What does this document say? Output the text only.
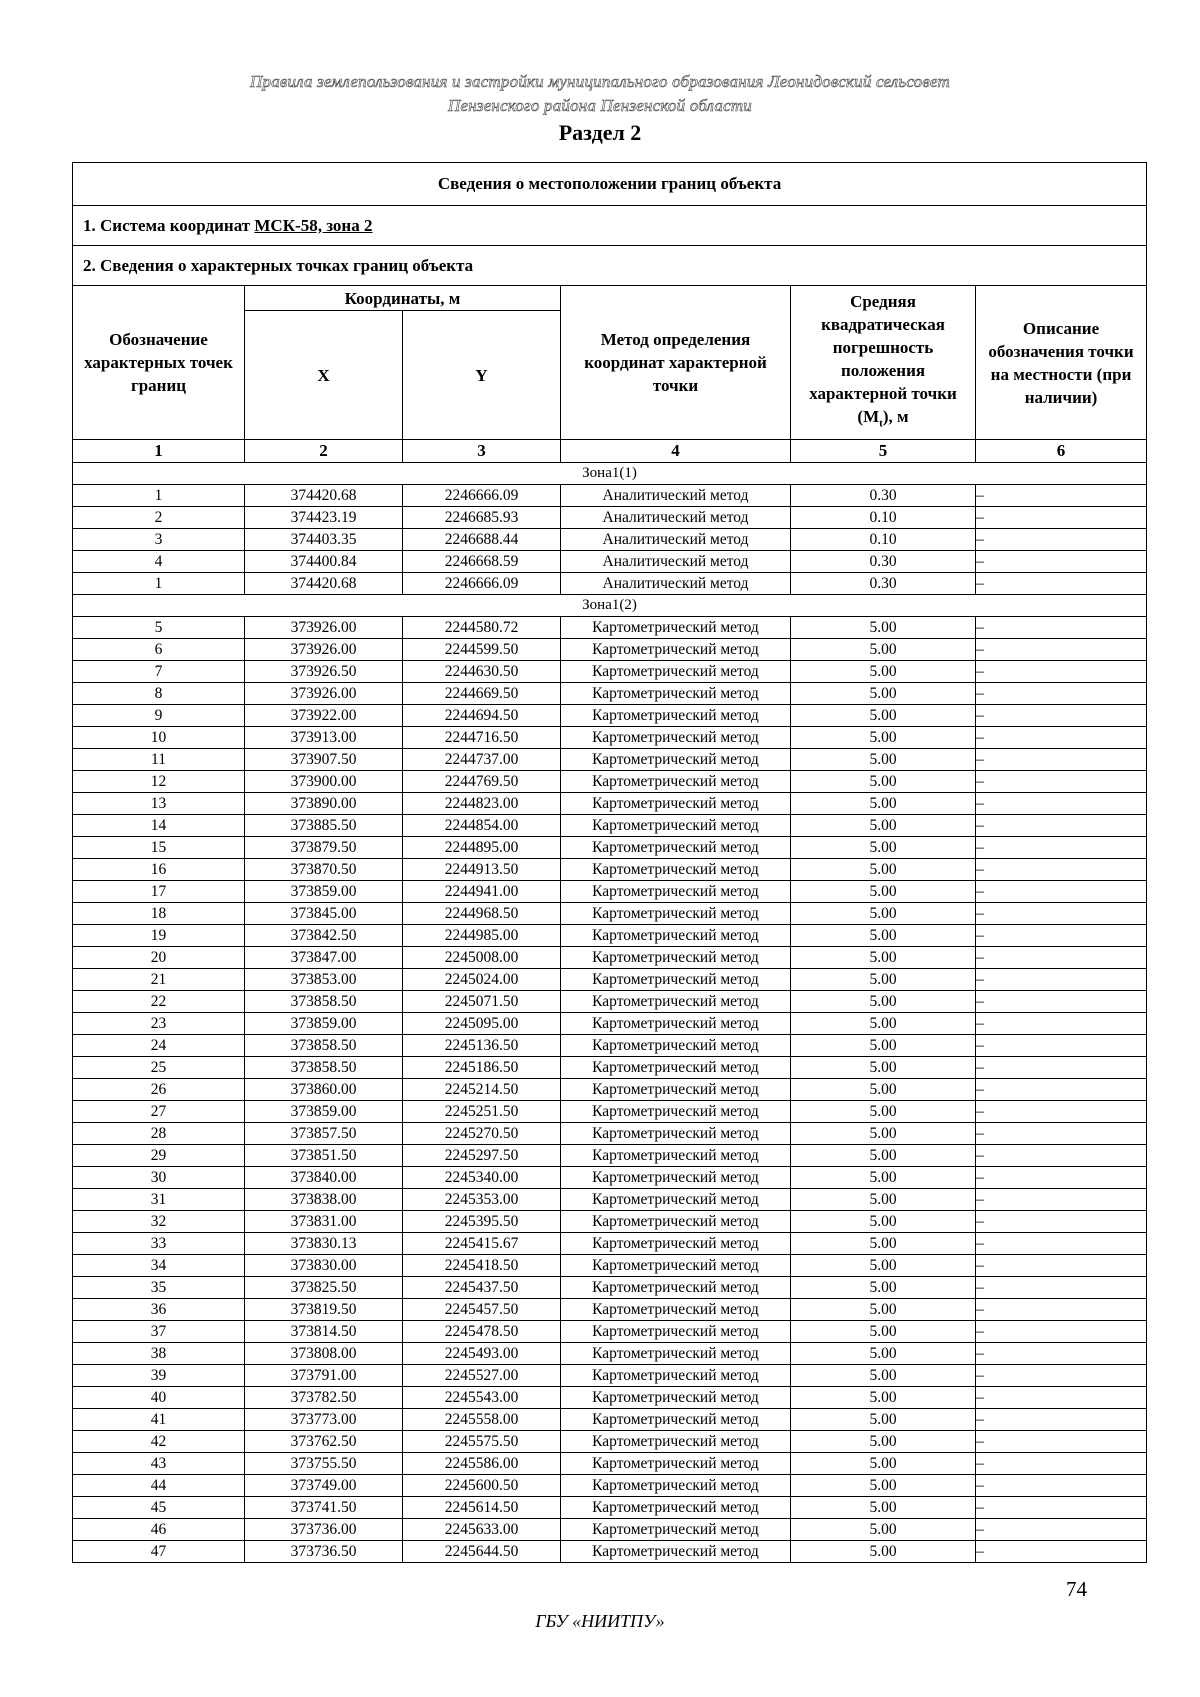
Правила землепользования и застройки муниципального образования Леонидовский сельсовет
Пензенского района Пензенской области
Раздел 2
Сведения о местоположении границ объекта					
1. Система координат МСК-58, зона 2					
2. Сведения о характерных точках границ объекта					
Обозначение характерных точек границ	Координаты, м		Метод определения координат характерной точки	Средняя квадратическая погрешность положения характерной точки $(M_t)$, м	Описание обозначения точки на местности (при наличии)
	X	Y			
1	2	3	4	5	6
Зона1(1)					
1	374420.68	2246666.09	Аналитический метод	0.30	–
2	374423.19	2246685.93	Аналитический метод	0.10	–
3	374403.35	2246688.44	Аналитический метод	0.10	–
4	374400.84	2246668.59	Аналитический метод	0.30	–
1	374420.68	2246666.09	Аналитический метод	0.30	–
Зона1(2)					
5	373926.00	2244580.72	Картометрический метод	5.00	–
6	373926.00	2244599.50	Картометрический метод	5.00	–
7	373926.50	2244630.50	Картометрический метод	5.00	–
8	373926.00	2244669.50	Картометрический метод	5.00	–
9	373922.00	2244694.50	Картометрический метод	5.00	–
10	373913.00	2244716.50	Картометрический метод	5.00	–
11	373907.50	2244737.00	Картометрический метод	5.00	–
12	373900.00	2244769.50	Картометрический метод	5.00	–
13	373890.00	2244823.00	Картометрический метод	5.00	–
14	373885.50	2244854.00	Картометрический метод	5.00	–
15	373879.50	2244895.00	Картометрический метод	5.00	–
16	373870.50	2244913.50	Картометрический метод	5.00	–
17	373859.00	2244941.00	Картометрический метод	5.00	–
18	373845.00	2244968.50	Картометрический метод	5.00	–
19	373842.50	2244985.00	Картометрический метод	5.00	–
20	373847.00	2245008.00	Картометрический метод	5.00	–
21	373853.00	2245024.00	Картометрический метод	5.00	–
22	373858.50	2245071.50	Картометрический метод	5.00	–
23	373859.00	2245095.00	Картометрический метод	5.00	–
24	373858.50	2245136.50	Картометрический метод	5.00	–
25	373858.50	2245186.50	Картометрический метод	5.00	–
26	373860.00	2245214.50	Картометрический метод	5.00	–
27	373859.00	2245251.50	Картометрический метод	5.00	–
28	373857.50	2245270.50	Картометрический метод	5.00	–
29	373851.50	2245297.50	Картометрический метод	5.00	–
30	373840.00	2245340.00	Картометрический метод	5.00	–
31	373838.00	2245353.00	Картометрический метод	5.00	–
32	373831.00	2245395.50	Картометрический метод	5.00	–
33	373830.13	2245415.67	Картометрический метод	5.00	–
34	373830.00	2245418.50	Картометрический метод	5.00	–
35	373825.50	2245437.50	Картометрический метод	5.00	–
36	373819.50	2245457.50	Картометрический метод	5.00	–
37	373814.50	2245478.50	Картометрический метод	5.00	–
38	373808.00	2245493.00	Картометрический метод	5.00	–
39	373791.00	2245527.00	Картометрический метод	5.00	–
40	373782.50	2245543.00	Картометрический метод	5.00	–
41	373773.00	2245558.00	Картометрический метод	5.00	–
42	373762.50	2245575.50	Картометрический метод	5.00	–
43	373755.50	2245586.00	Картометрический метод	5.00	–
44	373749.00	2245600.50	Картометрический метод	5.00	–
45	373741.50	2245614.50	Картометрический метод	5.00	–
46	373736.00	2245633.00	Картометрический метод	5.00	–
47	373736.50	2245644.50	Картометрический метод	5.00	–
74
ГБУ «НИИТПУ»
